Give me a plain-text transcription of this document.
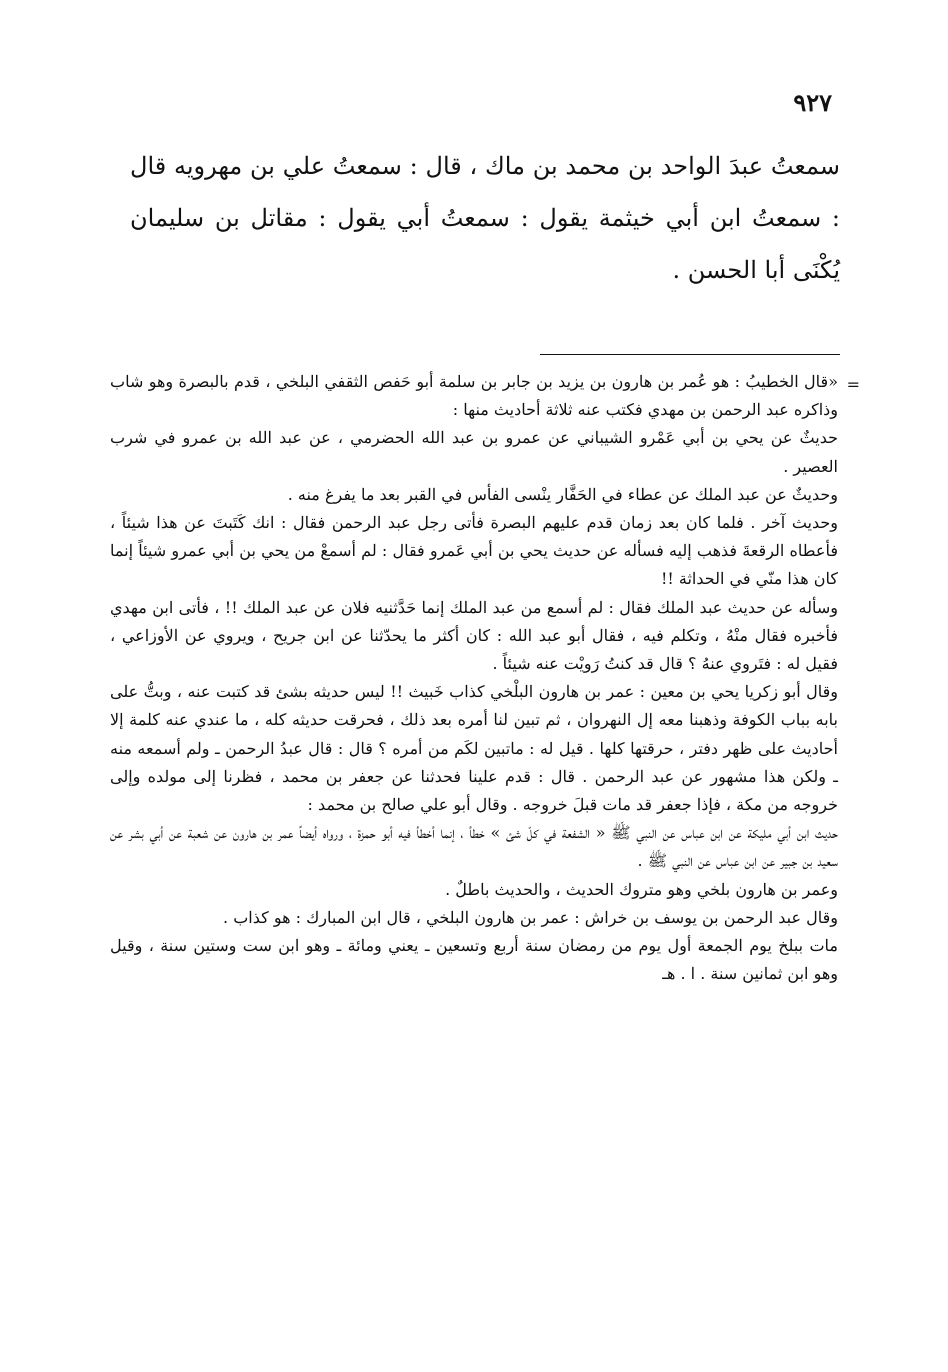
٩٢٧

سمعتُ عبدَ الواحد بن محمد بن ماك ، قال : سمعتُ علي بن مهرويه قال : سمعتُ ابن أبي خيثمة يقول : سمعتُ أبي يقول : مقاتل بن سليمان يُكْنَى أبا الحسن .

=

«قال الخطيبُ : هو عُمر بن هارون بن يزيد بن جابر بن سلمة أبو حَفص الثقفي البلخي ، قدم بالبصرة وهو شاب وذاكره عبد الرحمن بن مهدي فكتب عنه ثلاثة أحاديث منها :

حديثٌ عن يحي بن أبي عَمْرو الشيباني عن عمرو بن عبد الله الحضرمي ، عن عبد الله بن عمرو في شرب العصير .

وحديثٌ عن عبد الملك عن عطاء في الحَفَّار ينْسى الفأس في القبر بعد ما يفرغ منه .

وحديث آخر . فلما كان بعد زمان قدم عليهم البصرة فأتى رجل عبد الرحمن فقال : انك كَتَبتَ عن هذا شيئاً ، فأعطاه الرقعةَ فذهب إليه فسأله عن حديث يحي بن أبي عَمرو فقال : لم أسمعْ من يحي بن أبي عمرو شيئاً إنما كان هذا منّي في الحداثة !!

وسأله عن حديث عبد الملك فقال : لم أسمع من عبد الملك إنما حَدَّثنيه فلان عن عبد الملك !! ، فأتى ابن مهدي فأخبره فقال منْهُ ، وتكلم فيه ، فقال أبو عبد الله : كان أكثر ما يحدّثنا عن ابن جريح ، ويروي عن الأوزاعي ، فقيل له : فتَروي عنهُ ؟ قال قد كنتُ رَويْت عنه شيئاً .

وقال أبو زكريا يحي بن معين : عمر بن هارون البلْخي كذاب خَبيث !! ليس حديثه بشئ قد كتبت عنه ، وبتُّ على بابه بباب الكوفة وذهبنا معه إل النهروان ، ثم تبين لنا أمره بعد ذلك ، فحرقت حديثه كله ، ما عندي عنه كلمة إلا أحاديث على ظهر دفتر ، حرقتها كلها . قيل له : ماتبين لكَم من أمره ؟ قال : قال عبدُ الرحمن ـ ولم أسمعه منه ـ ولكن هذا مشهور عن عبد الرحمن . قال : قدم علينا فحدثنا عن جعفر بن محمد ، فظرنا إلى مولده وإلى خروجه من مكة ، فإذا جعفر قد مات قبلَ خروجه . وقال أبو علي صالح بن محمد :

حديث ابن أبي مليكة عن ابن عباس عن النبي ﷺ « الشفعة في كلّ شئ » خطأ ، إنما أخطأ فيه أبو حمزة ، ورواه أيضاً عمر بن هارون عن شعبة عن أبي بشر عن سعيد بن جبير عن ابن عباس عن النبي ﷺ .

وعمر بن هارون بلخي وهو متروك الحديث ، والحديث باطلٌ .

وقال عبد الرحمن بن يوسف بن خراش : عمر بن هارون البلخي ، قال ابن المبارك : هو كذاب .

مات ببلخ يوم الجمعة أول يوم من رمضان سنة أربع وتسعين ـ يعني ومائة ـ وهو ابن ست وستين سنة ، وقيل وهو ابن ثمانين سنة . ا . هـ
